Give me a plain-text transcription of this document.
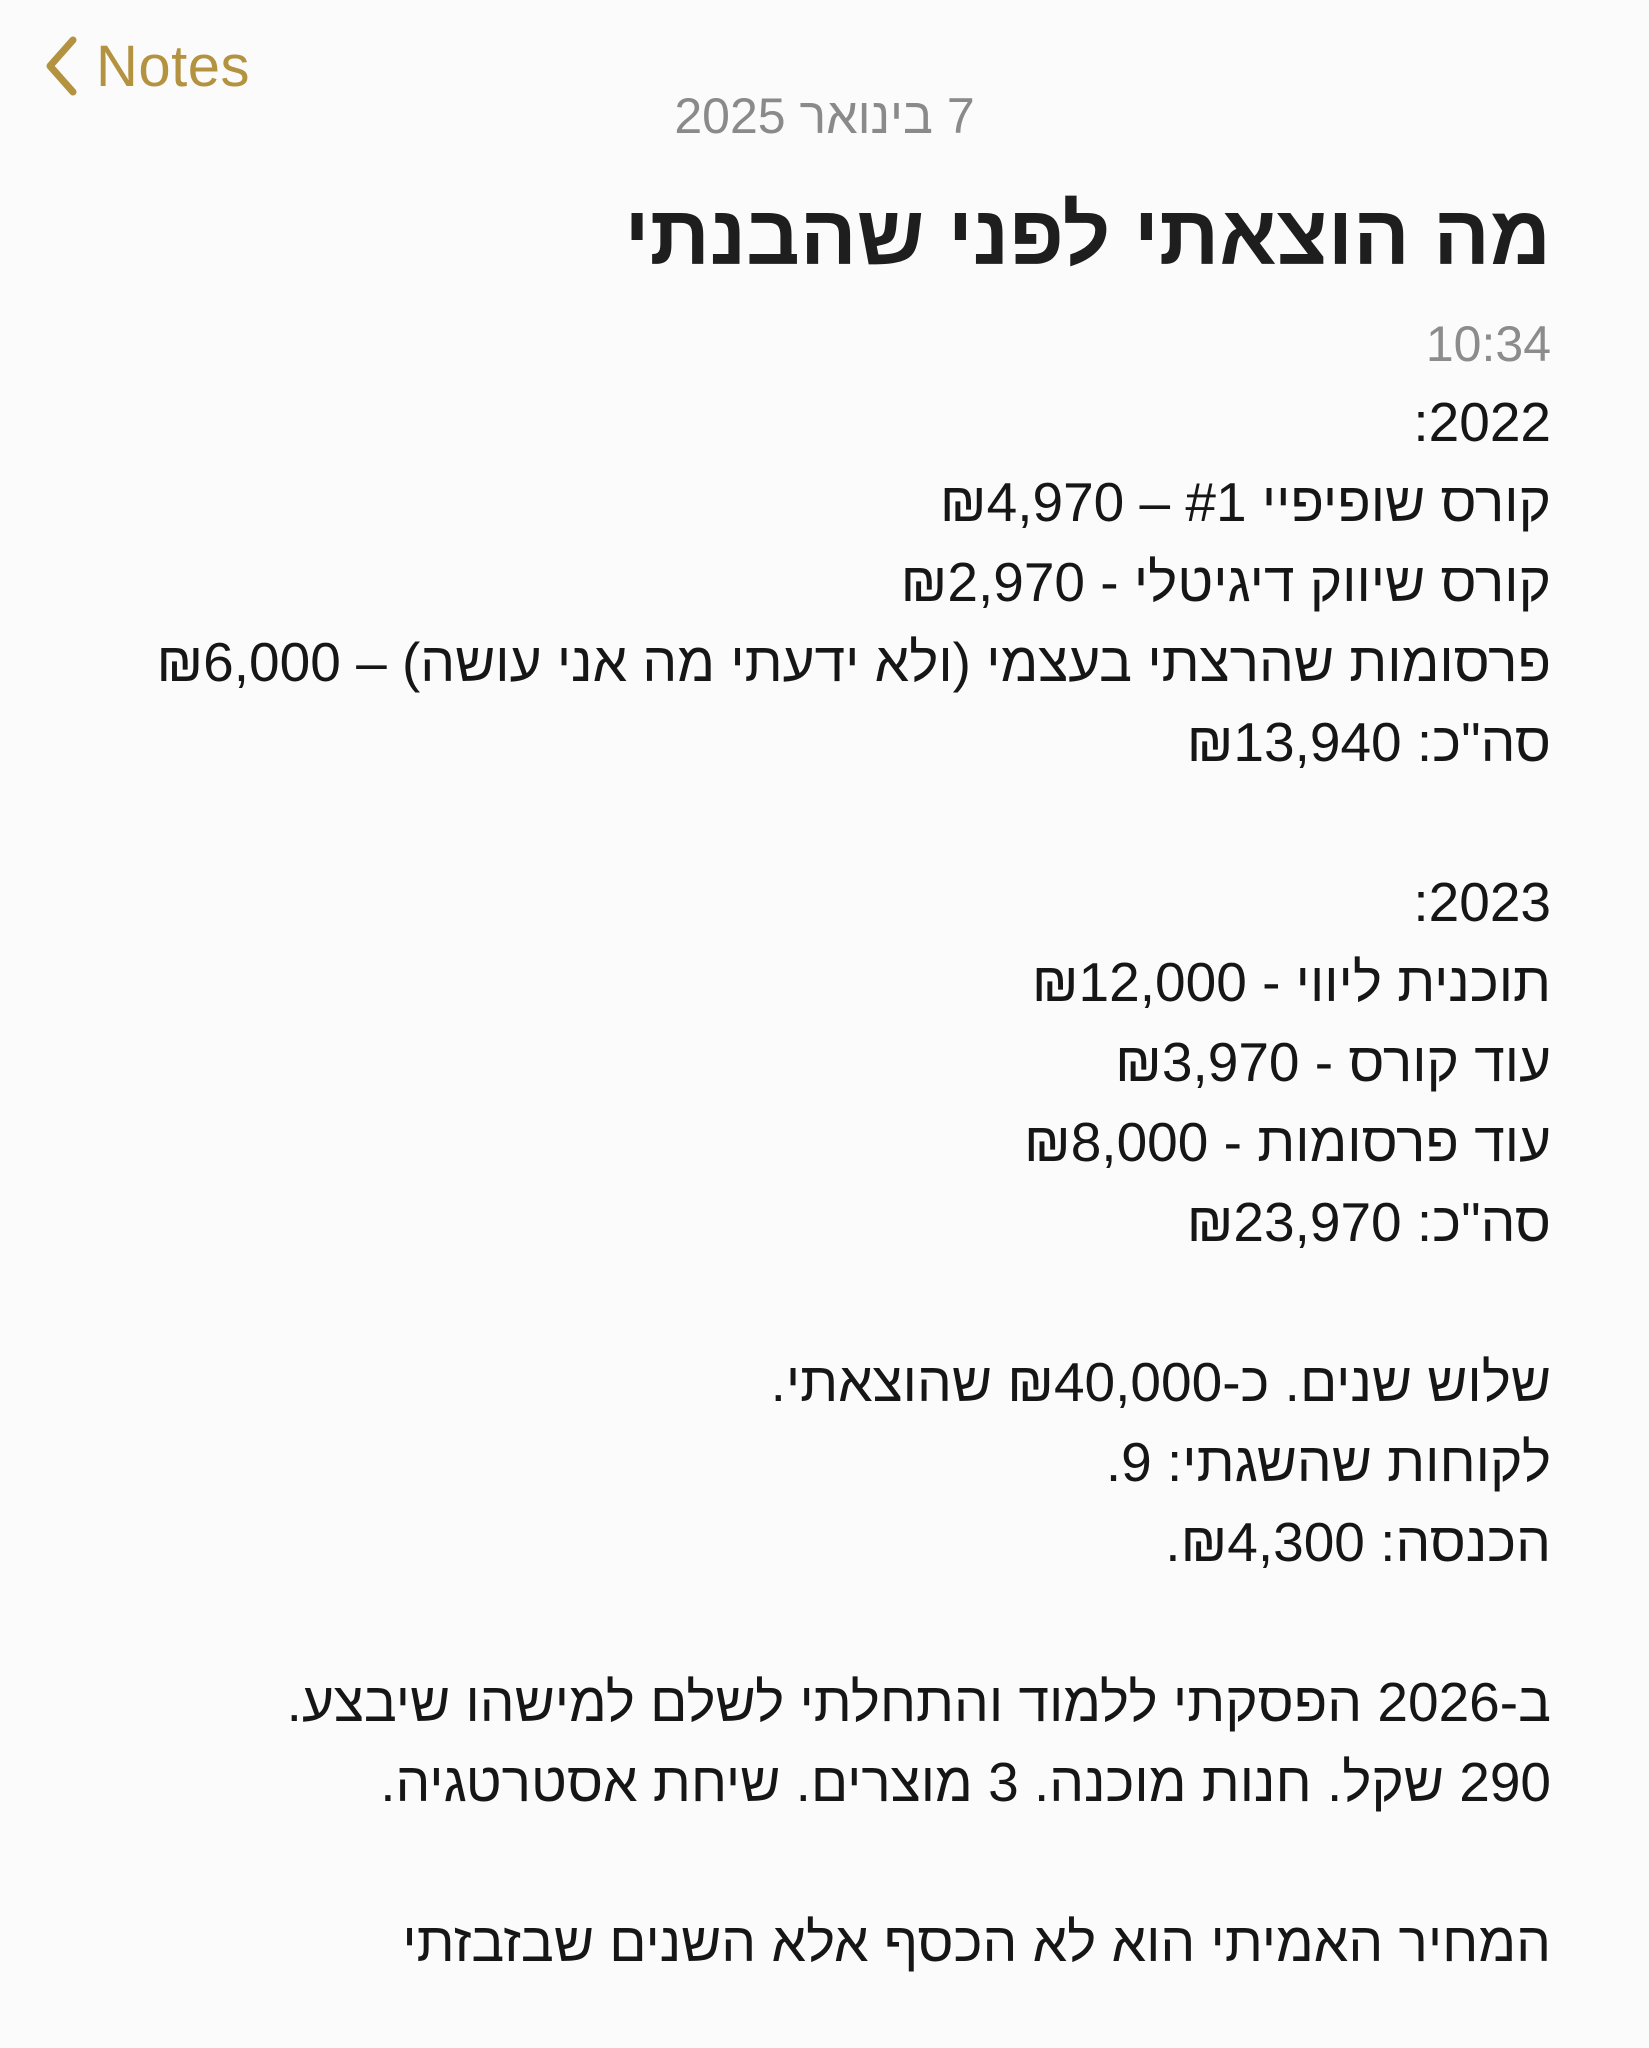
Notes
7 בינואר 2025
מה הוצאתי לפני שהבנתי
10:34
2022:
קורס שופיפיי #1 – ₪4,970
קורס שיווק דיגיטלי - ₪2,970
פרסומות שהרצתי בעצמי (ולא ידעתי מה אני עושה) – ₪6,000
סה"כ: ₪13,940
2023:
תוכנית ליווי - ₪12,000
עוד קורס - ₪3,970
עוד פרסומות - ₪8,000
סה"כ: ₪23,970
שלוש שנים. כ-₪40,000 שהוצאתי.
לקוחות שהשגתי: 9.
הכנסה: ₪4,300.
ב-2026 הפסקתי ללמוד והתחלתי לשלם למישהו שיבצע.
290 שקל. חנות מוכנה. 3 מוצרים. שיחת אסטרטגיה.
המחיר האמיתי הוא לא הכסף אלא השנים שבזבזתי
